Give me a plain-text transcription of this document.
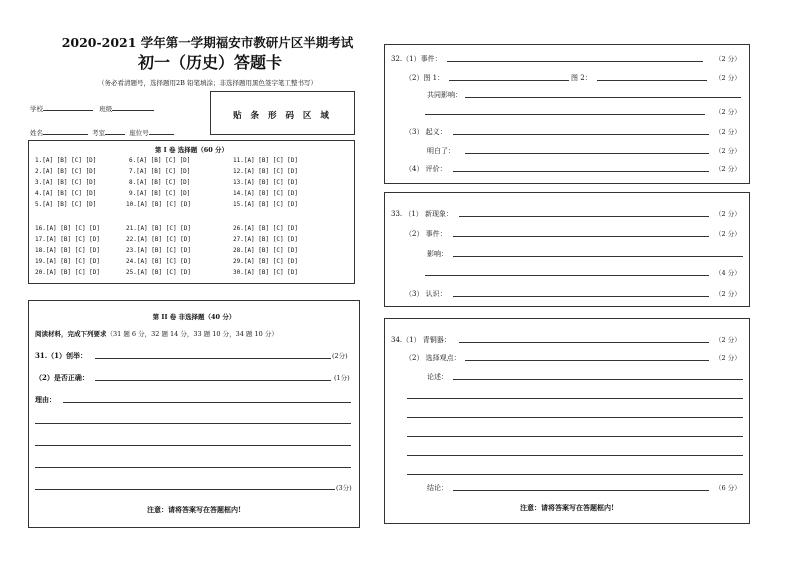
2020-2021 学年第一学期福安市教研片区半期考试
初一（历史）答题卡
（务必看清题号，选择题用2B 铅笔填涂；非选择题用黑色签字笔工整书写）
学校	班级
姓名	考室	座位号
贴 条 形 码 区 域
第 I 卷 选择题（60 分）
1.[A] [B] [C] [D]
2.[A] [B] [C] [D]
3.[A] [B] [C] [D]
4.[A] [B] [C] [D]
5.[A] [B] [C] [D]
6.[A] [B] [C] [D]
7.[A] [B] [C] [D]
8.[A] [B] [C] [D]
9.[A] [B] [C] [D]
10.[A] [B] [C] [D]
11.[A] [B] [C] [D]
12.[A] [B] [C] [D]
13.[A] [B] [C] [D]
14.[A] [B] [C] [D]
15.[A] [B] [C] [D]
16.[A] [B] [C] [D]
17.[A] [B] [C] [D]
18.[A] [B] [C] [D]
19.[A] [B] [C] [D]
20.[A] [B] [C] [D]
21.[A] [B] [C] [D]
22.[A] [B] [C] [D]
23.[A] [B] [C] [D]
24.[A] [B] [C] [D]
25.[A] [B] [C] [D]
26.[A] [B] [C] [D]
27.[A] [B] [C] [D]
28.[A] [B] [C] [D]
29.[A] [B] [C] [D]
30.[A] [B] [C] [D]
第 II 卷 非选择题（40 分）
阅读材料，完成下列要求（31 题 6 分，32 题 14 分，33 题 10 分，34 题 10 分）
31.（1）创举：	(2分)
（2）是否正确：	(1分)
理由：
(3分)
注意：请将答案写在答题框内!
32.（1）事件：	（2 分）
（2）图 1：	图 2：	（2 分）
共同影响：
（2 分）
（3） 起义：	（2 分）
明白了：	（2 分）
（4） 评价：	（2 分）
33. （1） 新现象：	（2 分）
（2） 事件：	（2 分）
影响：
（4 分）
（3） 认识：	（2 分）
34.（1） 青铜器：	（2 分）
（2） 选择观点：	（2 分）
论述：
结论：	（6 分）
注意：请将答案写在答题框内!
